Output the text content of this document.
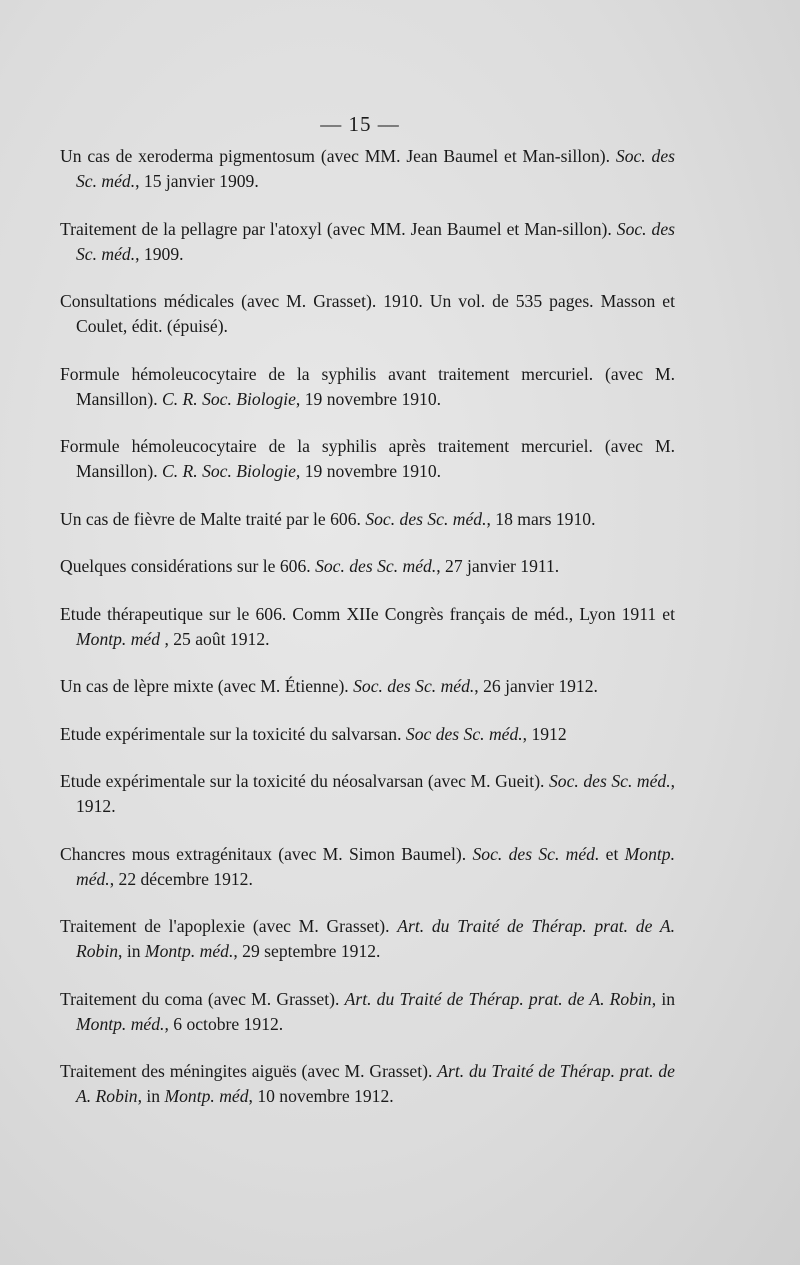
— 15 —

Un cas de xeroderma pigmentosum (avec MM. Jean Baumel et Man-sillon). Soc. des Sc. méd., 15 janvier 1909.

Traitement de la pellagre par l'atoxyl (avec MM. Jean Baumel et Man-sillon). Soc. des Sc. méd., 1909.

Consultations médicales (avec M. Grasset). 1910. Un vol. de 535 pages. Masson et Coulet, édit. (épuisé).

Formule hémoleucocytaire de la syphilis avant traitement mercuriel. (avec M. Mansillon). C. R. Soc. Biologie, 19 novembre 1910.

Formule hémoleucocytaire de la syphilis après traitement mercuriel. (avec M. Mansillon). C. R. Soc. Biologie, 19 novembre 1910.

Un cas de fièvre de Malte traité par le 606. Soc. des Sc. méd., 18 mars 1910.

Quelques considérations sur le 606. Soc. des Sc. méd., 27 janvier 1911.

Etude thérapeutique sur le 606. Comm XIIe Congrès français de méd., Lyon 1911 et Montp. méd , 25 août 1912.

Un cas de lèpre mixte (avec M. Étienne). Soc. des Sc. méd., 26 janvier 1912.

Etude expérimentale sur la toxicité du salvarsan. Soc des Sc. méd., 1912

Etude expérimentale sur la toxicité du néosalvarsan (avec M. Gueit). Soc. des Sc. méd., 1912.

Chancres mous extragénitaux (avec M. Simon Baumel). Soc. des Sc. méd. et Montp. méd., 22 décembre 1912.

Traitement de l'apoplexie (avec M. Grasset). Art. du Traité de Thérap. prat. de A. Robin, in Montp. méd., 29 septembre 1912.

Traitement du coma (avec M. Grasset). Art. du Traité de Thérap. prat. de A. Robin, in Montp. méd., 6 octobre 1912.

Traitement des méningites aiguës (avec M. Grasset). Art. du Traité de Thérap. prat. de A. Robin, in Montp. méd, 10 novembre 1912.
